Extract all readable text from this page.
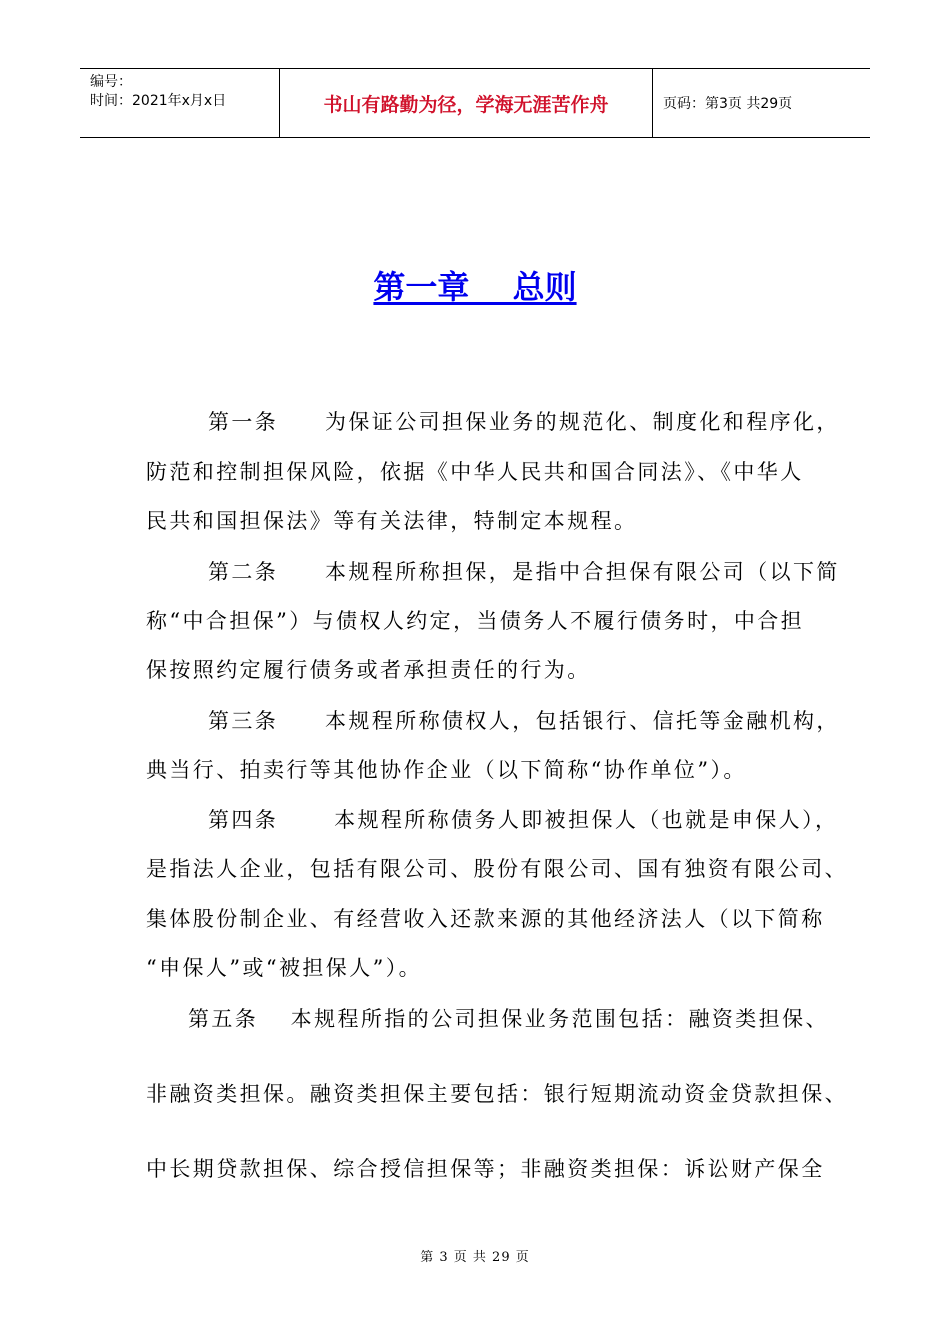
编号：
时间：2021年x月x日	书山有路勤为径，学海无涯苦作舟	页码：第3页 共29页
第一章　 总则
第一条　　为保证公司担保业务的规范化、制度化和程序化，
防范和控制担保风险，依据《中华人民共和国合同法》、《中华人
民共和国担保法》等有关法律，特制定本规程。
第二条　　本规程所称担保，是指中合担保有限公司（以下简
称“中合担保”）与债权人约定，当债务人不履行债务时，中合担
保按照约定履行债务或者承担责任的行为。
第三条　　本规程所称债权人，包括银行、信托等金融机构，
典当行、拍卖行等其他协作企业（以下简称“协作单位”）。
第四条　　 本规程所称债务人即被担保人（也就是申保人），
是指法人企业，包括有限公司、股份有限公司、国有独资有限公司、
集体股份制企业、有经营收入还款来源的其他经济法人（以下简称
“申保人”或“被担保人”）。
第五条　 本规程所指的公司担保业务范围包括：融资类担保、
非融资类担保。融资类担保主要包括：银行短期流动资金贷款担保、
中长期贷款担保、综合授信担保等；非融资类担保：诉讼财产保全
第 3 页 共 29 页
